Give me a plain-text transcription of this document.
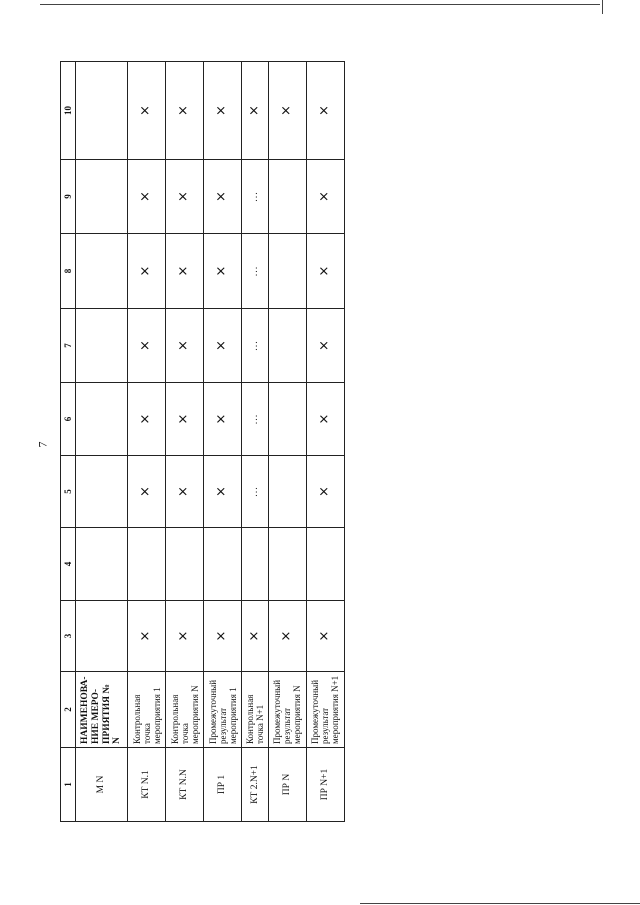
7
1	2	3	4	5	6	7	8	9	10
M N	НАИМЕНОВА-НИЕ МЕРО-ПРИЯТИЯ № N								
КТ N.1	Контрольная точка мероприятия 1	×		×	×	×	×	×	×
КТ N.N	Контрольная точка мероприятия N	×		×	×	×	×	×	×
ПР 1	Промежуточный результат мероприятия 1	×		×	×	×	×	×	×
КТ 2.N+1	Контрольная точка N+1	×		...	...	...	...	...	×
ПР N	Промежуточный результат мероприятия N	×							×
ПР N+1	Промежуточный результат мероприятия N+1	×		×	×	×	×	×	×
